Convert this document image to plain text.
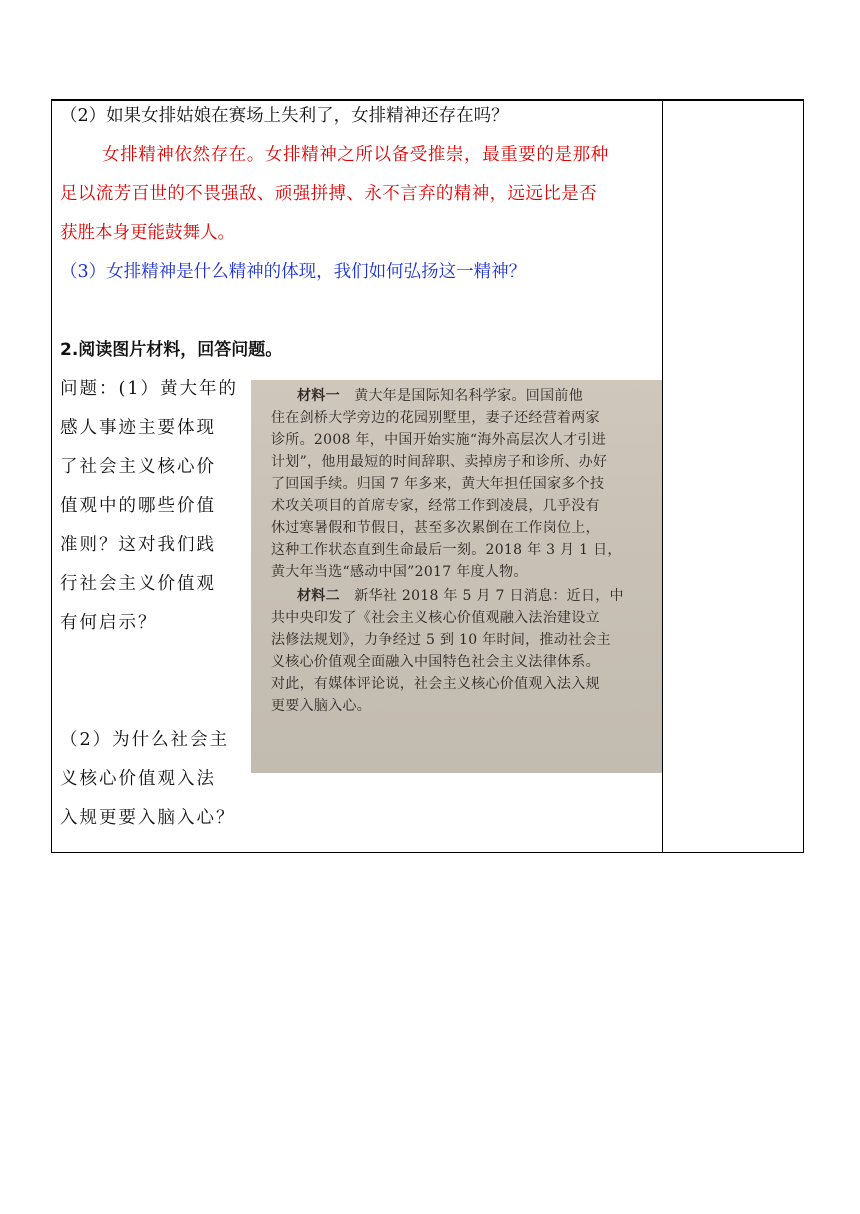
（2）如果女排姑娘在赛场上失利了，女排精神还存在吗？
女排精神依然存在。女排精神之所以备受推崇，最重要的是那种
足以流芳百世的不畏强敌、顽强拼搏、永不言弃的精神，远远比是否
获胜本身更能鼓舞人。
（3）女排精神是什么精神的体现，我们如何弘扬这一精神？
2.阅读图片材料，回答问题。
问题：(1）黄大年的
感人事迹主要体现
了社会主义核心价
值观中的哪些价值
准则？这对我们践
行社会主义价值观
有何启示？
（2）为什么社会主
义核心价值观入法
入规更要入脑入心？
材料一　黄大年是国际知名科学家。回国前他
住在剑桥大学旁边的花园别墅里，妻子还经营着两家
诊所。2008 年，中国开始实施“海外高层次人才引进
计划”，他用最短的时间辞职、卖掉房子和诊所、办好
了回国手续。归国 7 年多来，黄大年担任国家多个技
术攻关项目的首席专家，经常工作到凌晨，几乎没有
休过寒暑假和节假日，甚至多次累倒在工作岗位上，
这种工作状态直到生命最后一刻。2018 年 3 月 1 日，
黄大年当选“感动中国”2017 年度人物。
材料二　新华社 2018 年 5 月 7 日消息：近日，中
共中央印发了《社会主义核心价值观融入法治建设立
法修法规划》，力争经过 5 到 10 年时间，推动社会主
义核心价值观全面融入中国特色社会主义法律体系。
对此，有媒体评论说，社会主义核心价值观入法入规
更要入脑入心。
